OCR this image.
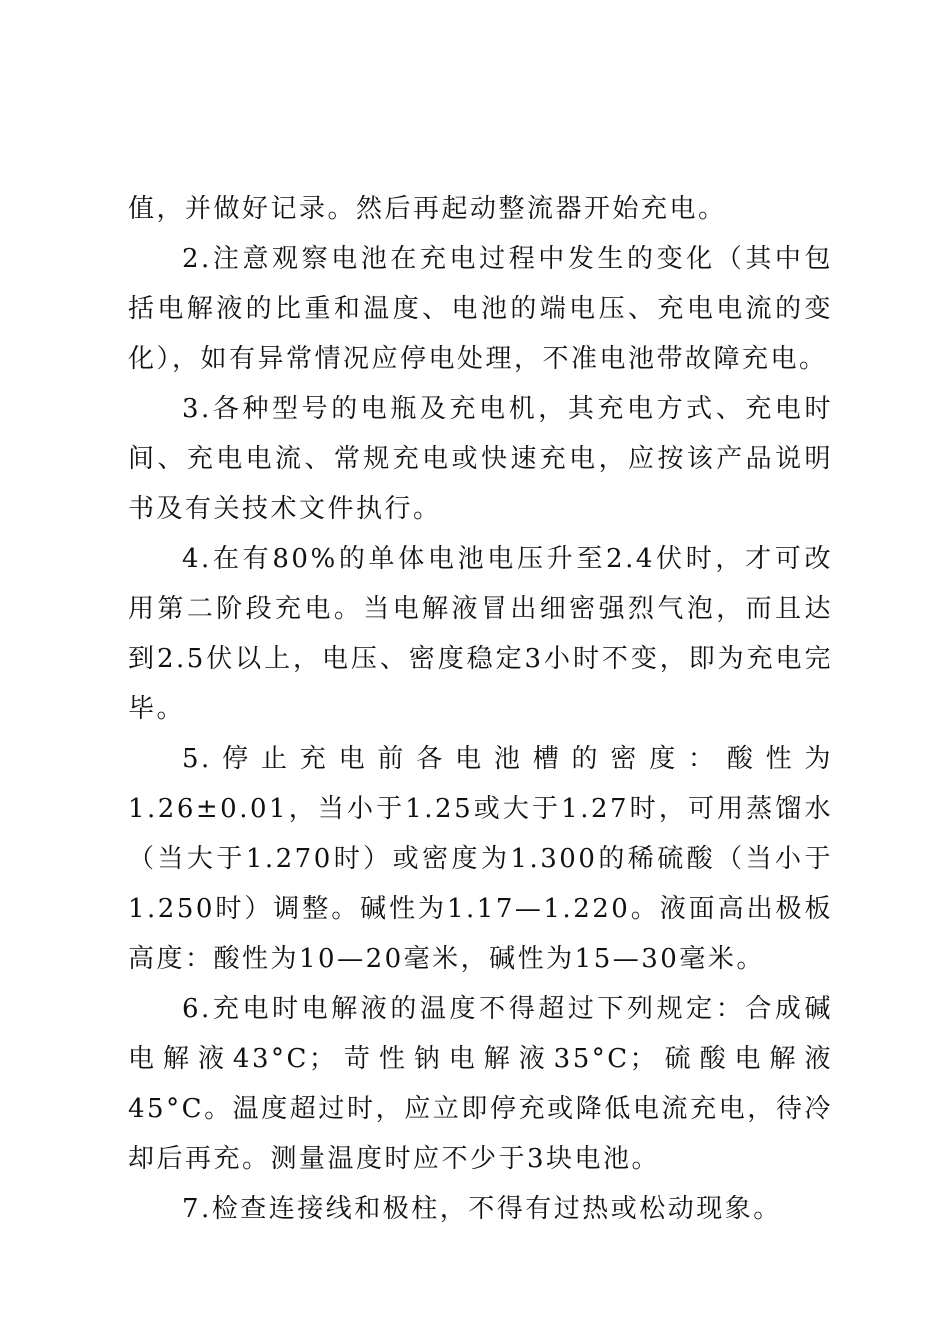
值，并做好记录。然后再起动整流器开始充电。

2.注意观察电池在充电过程中发生的变化（其中包括电解液的比重和温度、电池的端电压、充电电流的变化），如有异常情况应停电处理，不准电池带故障充电。

3.各种型号的电瓶及充电机，其充电方式、充电时间、充电电流、常规充电或快速充电，应按该产品说明书及有关技术文件执行。

4.在有80%的单体电池电压升至2.4伏时，才可改用第二阶段充电。当电解液冒出细密强烈气泡，而且达到2.5伏以上，电压、密度稳定3小时不变，即为充电完毕。

5.停止充电前各电池槽的密度：酸性为1.26±0.01，当小于1.25或大于1.27时，可用蒸馏水（当大于1.270时）或密度为1.300的稀硫酸（当小于1.250时）调整。碱性为1.17—1.220。液面高出极板高度：酸性为10—20毫米，碱性为15—30毫米。

6.充电时电解液的温度不得超过下列规定：合成碱电解液43°C；苛性钠电解液35°C；硫酸电解液45°C。温度超过时，应立即停充或降低电流充电，待冷却后再充。测量温度时应不少于3块电池。

7.检查连接线和极柱，不得有过热或松动现象。
